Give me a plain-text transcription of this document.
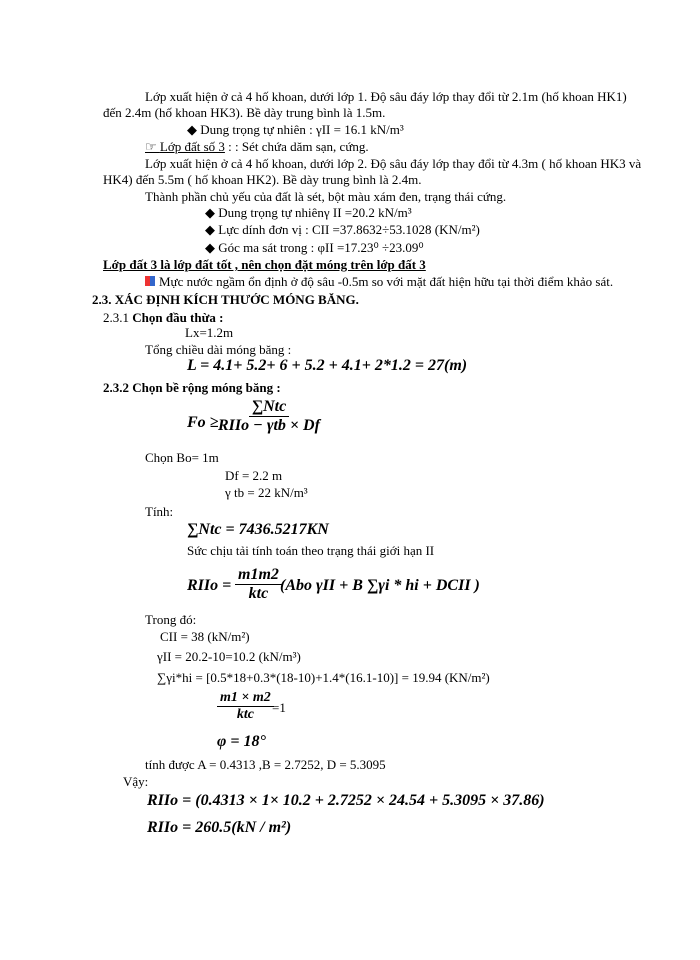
Lớp xuất hiện ở cả 4 hố khoan, dưới lớp 1. Độ sâu đáy lớp thay đổi từ 2.1m (hố khoan HK1)
đến 2.4m (hố khoan HK3). Bề dày trung bình là 1.5m.
◆ Dung trọng tự nhiên : γII = 16.1 kN/m³
☞ Lớp đất số 3 : : Sét chứa dăm sạn, cứng.
Lớp xuất hiện ở cả 4 hố khoan, dưới lớp 2. Độ sâu đáy lớp thay đổi từ 4.3m ( hố khoan HK3 và
HK4) đến 5.5m ( hố khoan HK2). Bề dày trung bình là 2.4m.
Thành phần chủ yếu của đất là sét, bột màu xám đen, trạng thái cứng.
◆ Dung trọng tự nhiênγ II =20.2 kN/m³
◆ Lực dính đơn vị : CII =37.8632÷53.1028 (KN/m²)
◆ Góc ma sát trong : φII =17.23⁰ ÷23.09⁰
Lớp đất 3 là lớp đất tốt , nên chọn đặt móng trên lớp đất 3
Mực nước ngầm ổn định ở độ sâu -0.5m so với mặt đất hiện hữu tại thời điểm khảo sát.
2.3. XÁC ĐỊNH KÍCH THƯỚC MÓNG BĂNG.
2.3.1 Chọn đầu thừa :
Lx=1.2m
Tổng chiều dài móng băng :
L = 4.1+ 5.2+ 6 + 5.2 + 4.1+ 2*1.2 = 27(m)
2.3.2 Chọn bề rộng móng băng :
Fo ≥
∑Ntc
RIIo − γtb × Df
Chọn Bo= 1m
Df = 2.2 m
γ tb = 22 kN/m³
Tính:
∑Ntc = 7436.5217KN
Sức chịu tải tính toán theo trạng thái giới hạn II
RIIo =
m1m2
ktc (Abo γII + B ∑γi * hi + DCII )
Trong đó:
CII = 38 (kN/m²)
γII = 20.2-10=10.2 (kN/m³)
∑γi*hi = [0.5*18+0.3*(18-10)+1.4*(16.1-10)] = 19.94 (KN/m²)
m1 × m2
ktc =1
φ = 18°
tính được A = 0.4313 ,B = 2.7252, D = 5.3095
Vậy:
RIIo = (0.4313 × 1× 10.2 + 2.7252 × 24.54 + 5.3095 × 37.86)
RIIo = 260.5(kN / m²)
